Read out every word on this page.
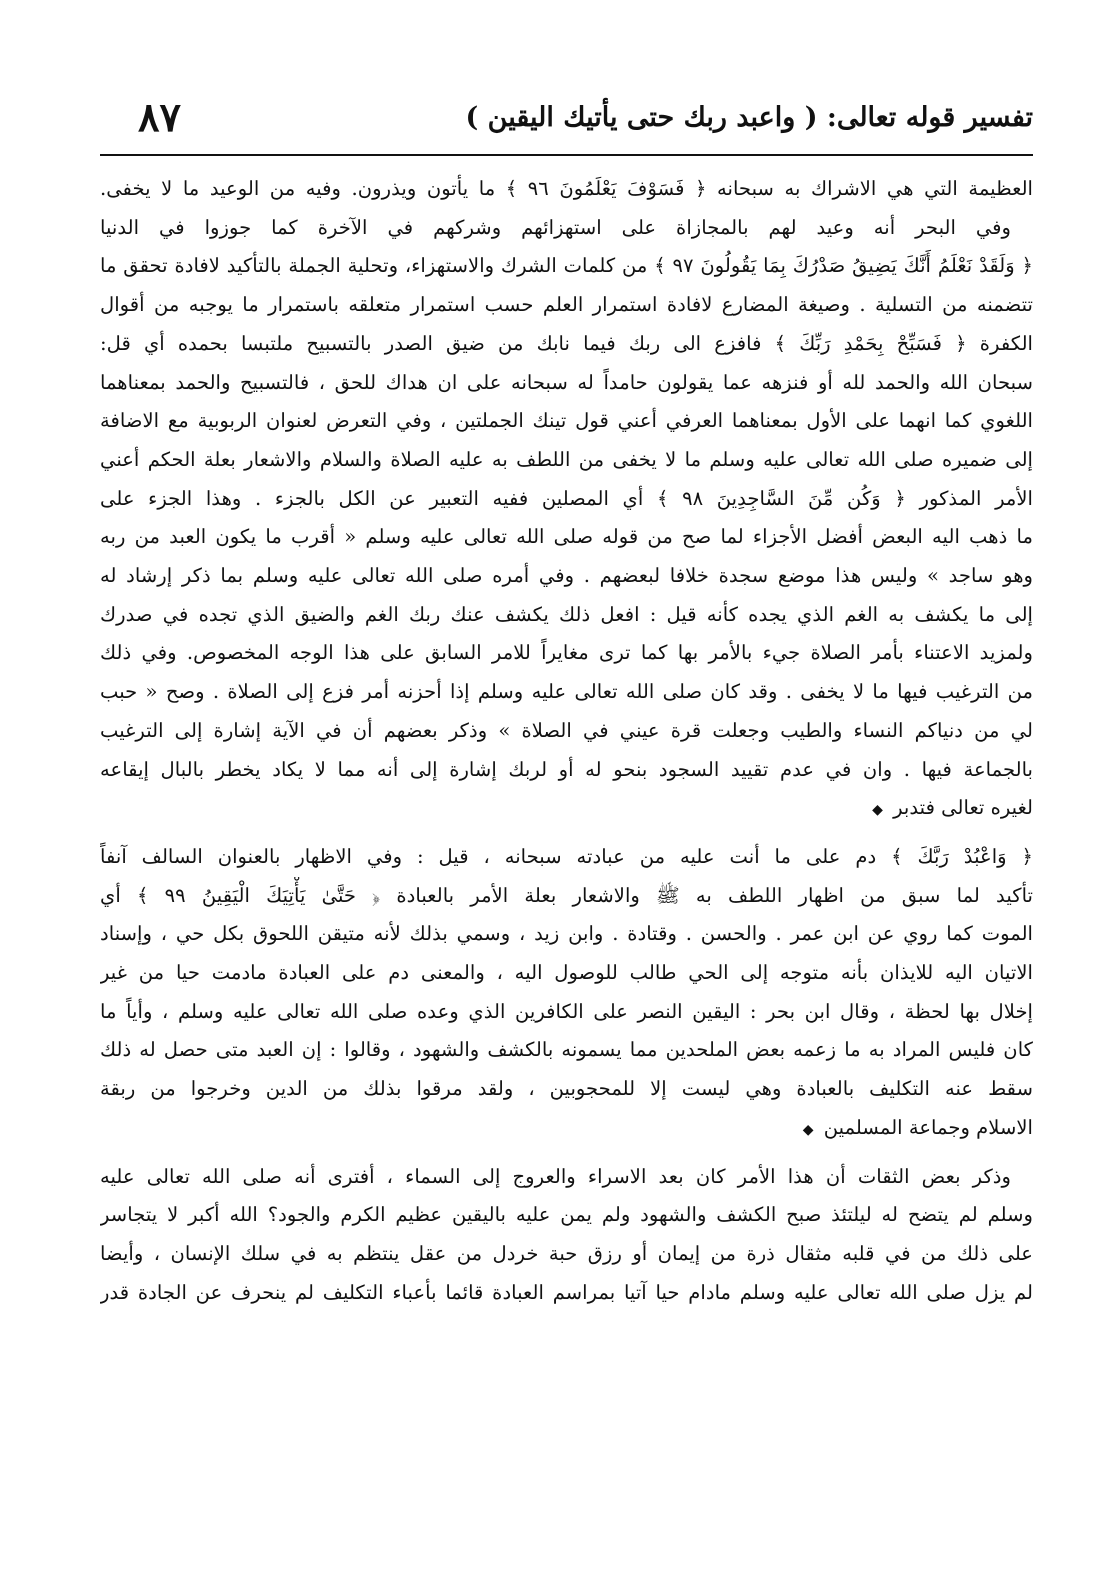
تفسير قوله تعالى: ( واعبد ربك حتى يأتيك اليقين )
٨٧
العظيمة التي هي الاشراك به سبحانه ﴿ فَسَوْفَ يَعْلَمُونَ ٩٦ ﴾ ما يأتون ويذرون. وفيه من الوعيد ما لا يخفى.
وفي البحر أنه وعيد لهم بالمجازاة على استهزائهم وشركهم في الآخرة كما جوزوا في الدنيا
﴿ وَلَقَدْ نَعْلَمُ أَنَّكَ يَضِيقُ صَدْرُكَ بِمَا يَقُولُونَ ٩٧ ﴾ من كلمات الشرك والاستهزاء، وتحلية الجملة بالتأكيد لافادة تحقق ما
تتضمنه من التسلية . وصيغة المضارع لافادة استمرار العلم حسب استمرار متعلقه باستمرار ما يوجبه من أقوال
الكفرة ﴿ فَسَبِّحْ بِحَمْدِ رَبِّكَ ﴾ فافزع الى ربك فيما نابك من ضيق الصدر بالتسبيح ملتبسا بحمده أي قل:
سبحان الله والحمد لله أو فنزهه عما يقولون حامداً له سبحانه على ان هداك للحق ، فالتسبيح والحمد بمعناهما
اللغوي كما انهما على الأول بمعناهما العرفي أعني قول تينك الجملتين ، وفي التعرض لعنوان الربوبية مع الاضافة
إلى ضميره صلى الله تعالى عليه وسلم ما لا يخفى من اللطف به عليه الصلاة والسلام والاشعار بعلة الحكم أعني
الأمر المذكور ﴿ وَكُن مِّنَ السَّاجِدِينَ ٩٨ ﴾ أي المصلين ففيه التعبير عن الكل بالجزء . وهذا الجزء على
ما ذهب اليه البعض أفضل الأجزاء لما صح من قوله صلى الله تعالى عليه وسلم « أقرب ما يكون العبد من ربه
وهو ساجد » وليس هذا موضع سجدة خلافا لبعضهم . وفي أمره صلى الله تعالى عليه وسلم بما ذكر إرشاد له
إلى ما يكشف به الغم الذي يجده كأنه قيل : افعل ذلك يكشف عنك ربك الغم والضيق الذي تجده في صدرك
ولمزيد الاعتناء بأمر الصلاة جيء بالأمر بها كما ترى مغايراً للامر السابق على هذا الوجه المخصوص. وفي ذلك
من الترغيب فيها ما لا يخفى . وقد كان صلى الله تعالى عليه وسلم إذا أحزنه أمر فزع إلى الصلاة . وصح « حبب
لي من دنياكم النساء والطيب وجعلت قرة عيني في الصلاة » وذكر بعضهم أن في الآية إشارة إلى الترغيب
بالجماعة فيها . وان في عدم تقييد السجود بنحو له أو لربك إشارة إلى أنه مما لا يكاد يخطر بالبال إيقاعه
لغيره تعالى فتدبر ◆
﴿ وَاعْبُدْ رَبَّكَ ﴾ دم على ما أنت عليه من عبادته سبحانه ، قيل : وفي الاظهار بالعنوان السالف آنفاً
تأكيد لما سبق من اظهار اللطف به ﷺ والاشعار بعلة الأمر بالعبادة ﴿ حَتَّىٰ يَأْتِيَكَ الْيَقِينُ ٩٩ ﴾ أي
الموت كما روي عن ابن عمر . والحسن . وقتادة . وابن زيد ، وسمي بذلك لأنه متيقن اللحوق بكل حي ، وإسناد
الاتيان اليه للايذان بأنه متوجه إلى الحي طالب للوصول اليه ، والمعنى دم على العبادة مادمت حيا من غير
إخلال بها لحظة ، وقال ابن بحر : اليقين النصر على الكافرين الذي وعده صلى الله تعالى عليه وسلم ، وأياً ما
كان فليس المراد به ما زعمه بعض الملحدين مما يسمونه بالكشف والشهود ، وقالوا : إن العبد متى حصل له ذلك
سقط عنه التكليف بالعبادة وهي ليست إلا للمحجوبين ، ولقد مرقوا بذلك من الدين وخرجوا من ربقة
الاسلام وجماعة المسلمين ◆
وذكر بعض الثقات أن هذا الأمر كان بعد الاسراء والعروج إلى السماء ، أفترى أنه صلى الله تعالى عليه
وسلم لم يتضح له ليلتئذ صبح الكشف والشهود ولم يمن عليه باليقين عظيم الكرم والجود؟ الله أكبر لا يتجاسر
على ذلك من في قلبه مثقال ذرة من إيمان أو رزق حبة خردل من عقل ينتظم به في سلك الإنسان ، وأيضا
لم يزل صلى الله تعالى عليه وسلم مادام حيا آتيا بمراسم العبادة قائما بأعباء التكليف لم ينحرف عن الجادة قدر
